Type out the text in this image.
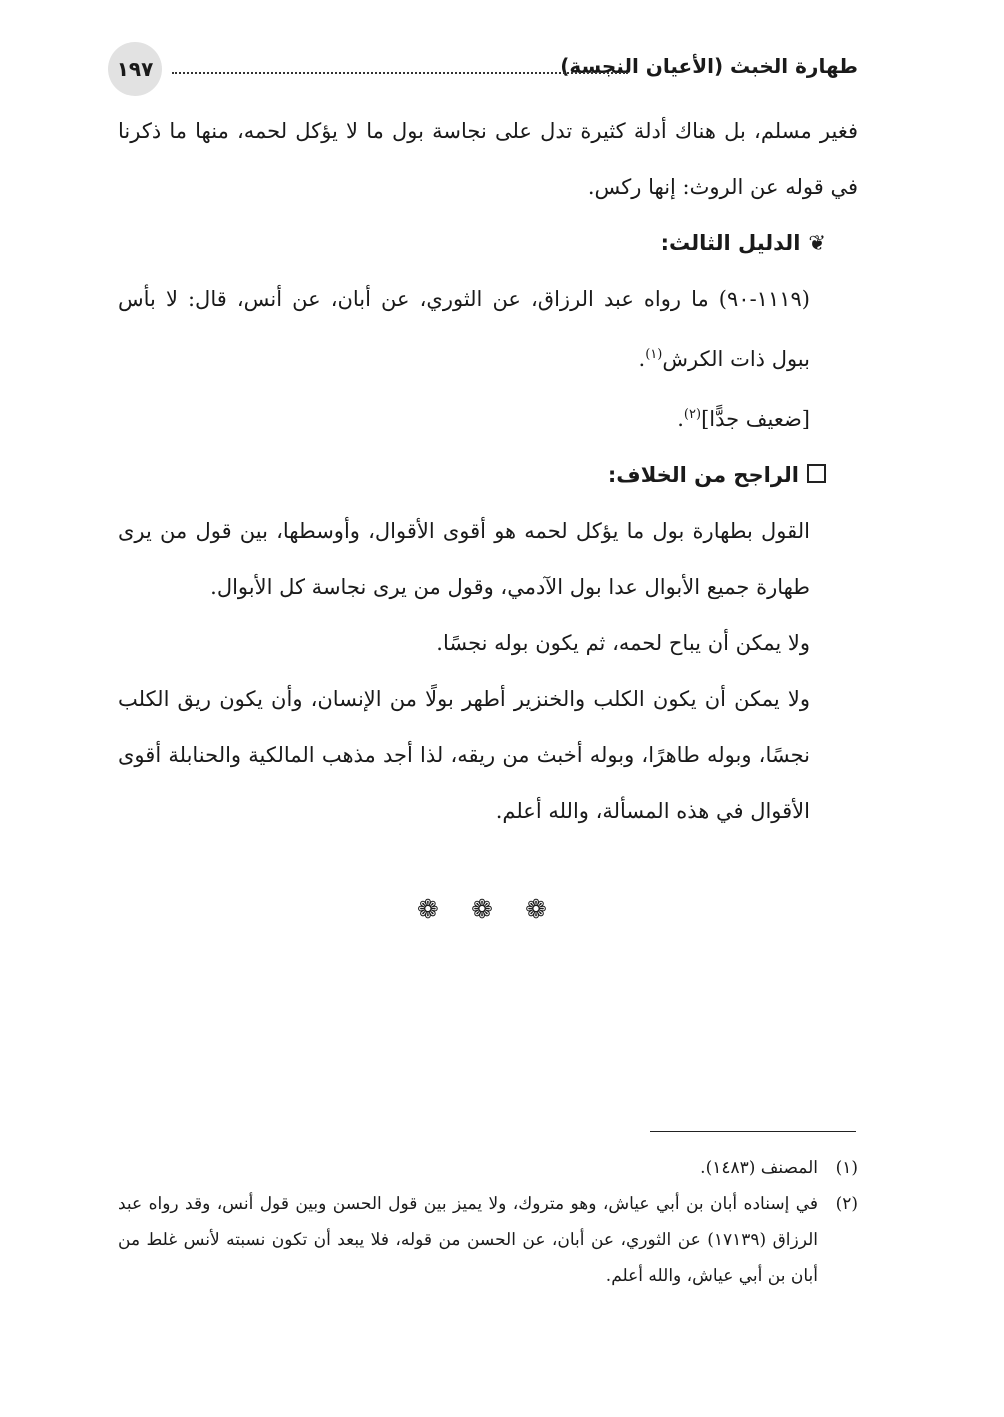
طهارة الخبث (الأعيان النجسة)
١٩٧

فغير مسلم، بل هناك أدلة كثيرة تدل على نجاسة بول ما لا يؤكل لحمه، منها ما ذكرنا في قوله عن الروث: إنها ركس.

❦الدليل الثالث:

(١١١٩-٩٠) ما رواه عبد الرزاق، عن الثوري، عن أبان، عن أنس، قال: لا بأس ببول ذات الكرش$^{(١)}$.

[ضعيف جدًّا]$^{(٢)}$.

الراجح من الخلاف:

القول بطهارة بول ما يؤكل لحمه هو أقوى الأقوال، وأوسطها، بين قول من يرى طهارة جميع الأبوال عدا بول الآدمي، وقول من يرى نجاسة كل الأبوال.

ولا يمكن أن يباح لحمه، ثم يكون بوله نجسًا.

ولا يمكن أن يكون الكلب والخنزير أطهر بولًا من الإنسان، وأن يكون ريق الكلب نجسًا، وبوله طاهرًا، وبوله أخبث من ريقه، لذا أجد مذهب المالكية والحنابلة أقوى الأقوال في هذه المسألة، والله أعلم.

❁ ❁ ❁
(١)
المصنف (١٤٨٣).
(٢)
في إسناده أبان بن أبي عياش، وهو متروك، ولا يميز بين قول الحسن وبين قول أنس، وقد رواه عبد الرزاق (١٧١٣٩) عن الثوري، عن أبان، عن الحسن من قوله، فلا يبعد أن تكون نسبته لأنس غلط من أبان بن أبي عياش، والله أعلم.
